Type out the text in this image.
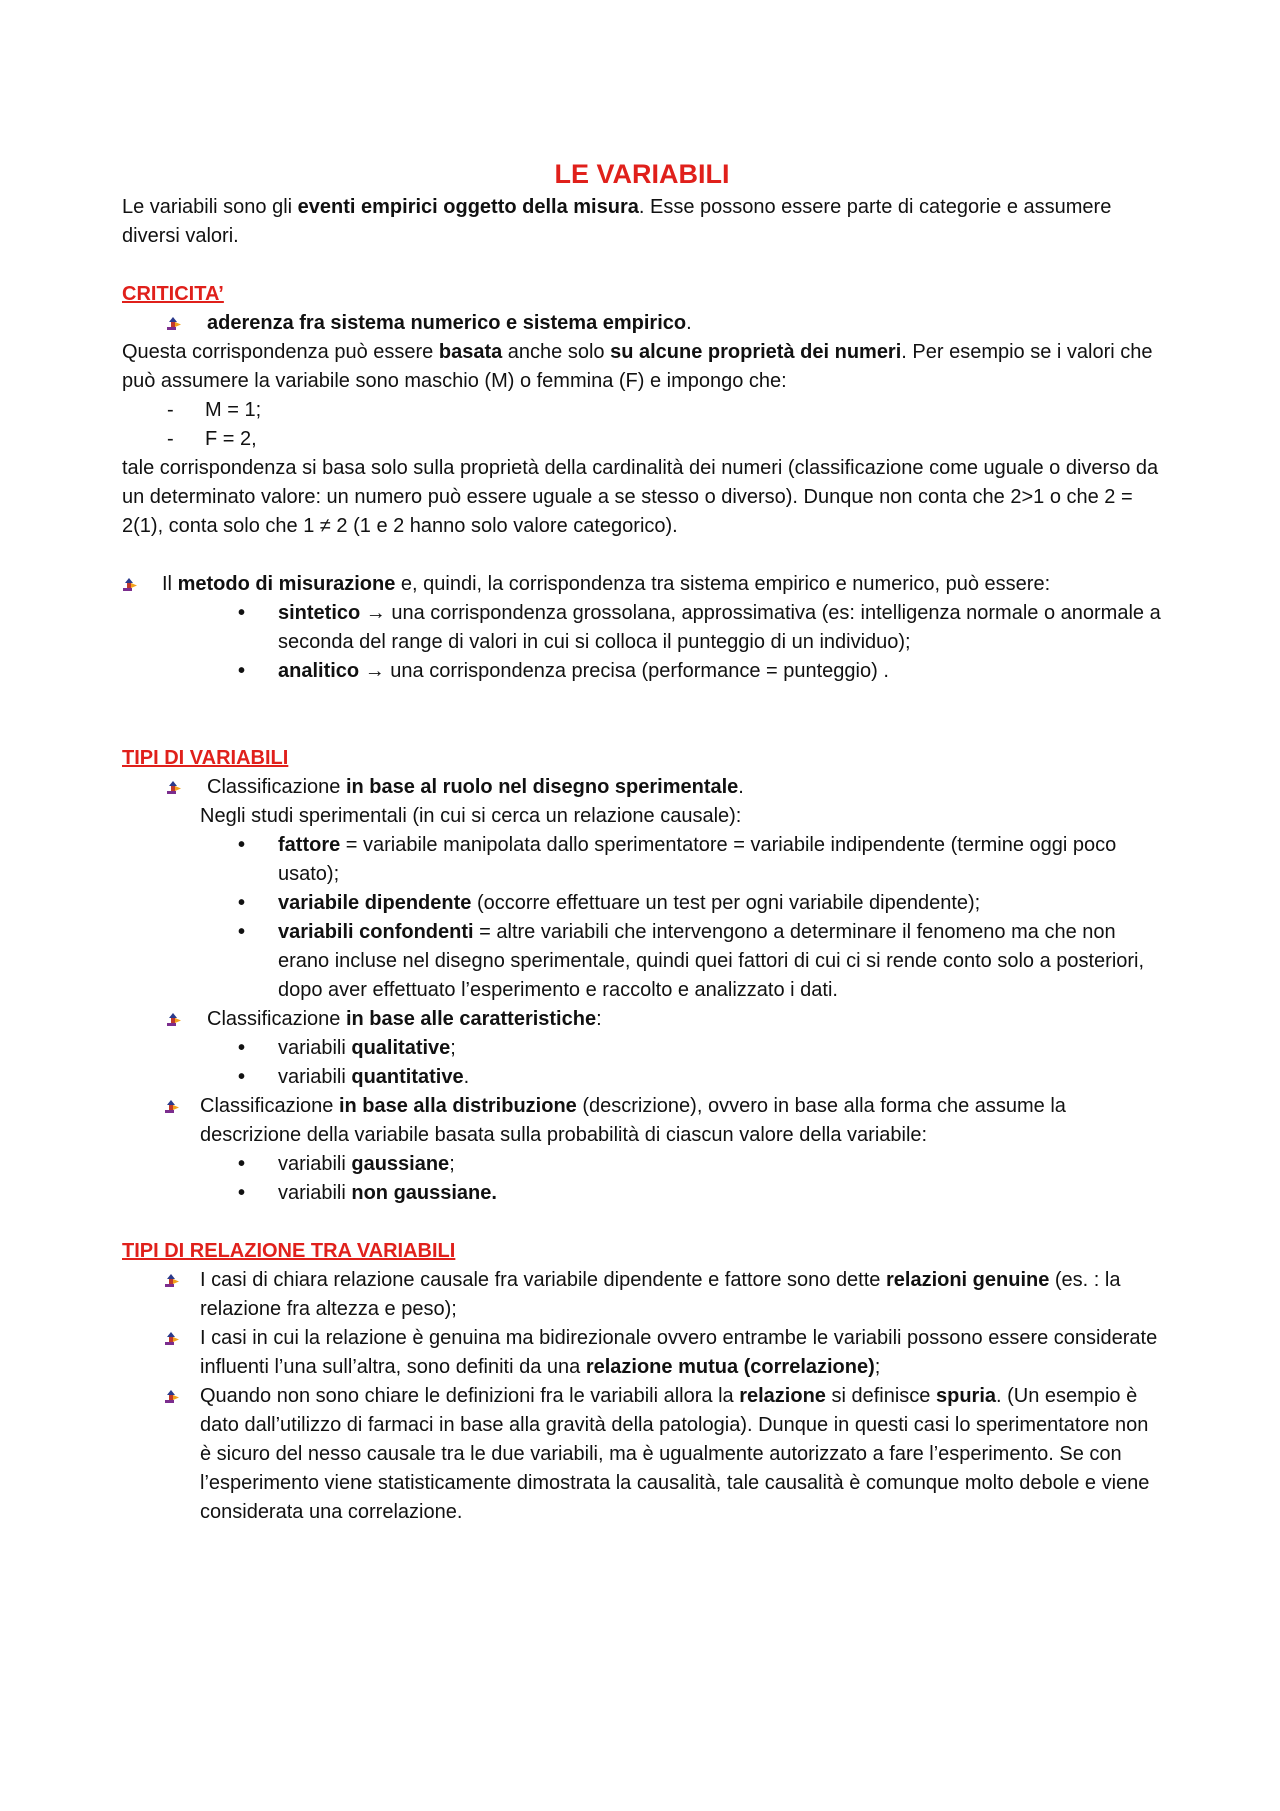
LE VARIABILI

Le variabili sono gli eventi empirici oggetto della misura. Esse possono essere parte di categorie e assumere diversi valori.

CRITICITA’

aderenza fra sistema numerico e sistema empirico.

Questa corrispondenza può essere basata anche solo su alcune proprietà dei numeri. Per esempio se i valori che può assumere la variabile sono maschio (M) o femmina (F) e impongo che:

- M = 1;
- F = 2,

tale corrispondenza si basa solo sulla proprietà della cardinalità dei numeri (classificazione come uguale o diverso da un determinato valore: un numero può essere uguale a se stesso o diverso). Dunque non conta che 2>1 o che 2 = 2(1), conta solo che 1 ≠ 2 (1 e 2 hanno solo valore categorico).

Il metodo di misurazione e, quindi, la corrispondenza tra sistema empirico e numerico, può essere:
• sintetico → una corrispondenza grossolana, approssimativa (es: intelligenza normale o anormale a seconda del range di valori in cui si colloca il punteggio di un individuo);
• analitico → una corrispondenza precisa (performance = punteggio) .

TIPI DI VARIABILI

Classificazione in base al ruolo nel disegno sperimentale.

Negli studi sperimentali (in cui si cerca un relazione causale):

• fattore = variabile manipolata dallo sperimentatore = variabile indipendente (termine oggi poco usato);
• variabile dipendente (occorre effettuare un test per ogni variabile dipendente);
• variabili confondenti = altre variabili che intervengono a determinare il fenomeno ma che non erano incluse nel disegno sperimentale, quindi quei fattori di cui ci si rende conto solo a posteriori, dopo aver effettuato l’esperimento e raccolto e analizzato i dati.
Classificazione in base alle caratteristiche:
• variabili qualitative;
• variabili quantitative.
Classificazione in base alla distribuzione (descrizione), ovvero in base alla forma che assume la descrizione della variabile basata sulla probabilità di ciascun valore della variabile:
• variabili gaussiane;
• variabili non gaussiane.

TIPI DI RELAZIONE TRA VARIABILI

I casi di chiara relazione causale fra variabile dipendente e fattore sono dette relazioni genuine (es. : la relazione fra altezza e peso);
I casi in cui la relazione è genuina ma bidirezionale ovvero entrambe le variabili possono essere considerate influenti l’una sull’altra, sono definiti da una relazione mutua (correlazione);
Quando non sono chiare le definizioni fra le variabili allora la relazione si definisce spuria. (Un esempio è dato dall’utilizzo di farmaci in base alla gravità della patologia). Dunque in questi casi lo sperimentatore non è sicuro del nesso causale tra le due variabili, ma è ugualmente autorizzato a fare l’esperimento. Se con l’esperimento viene statisticamente dimostrata la causalità, tale causalità è comunque molto debole e viene considerata una correlazione.
